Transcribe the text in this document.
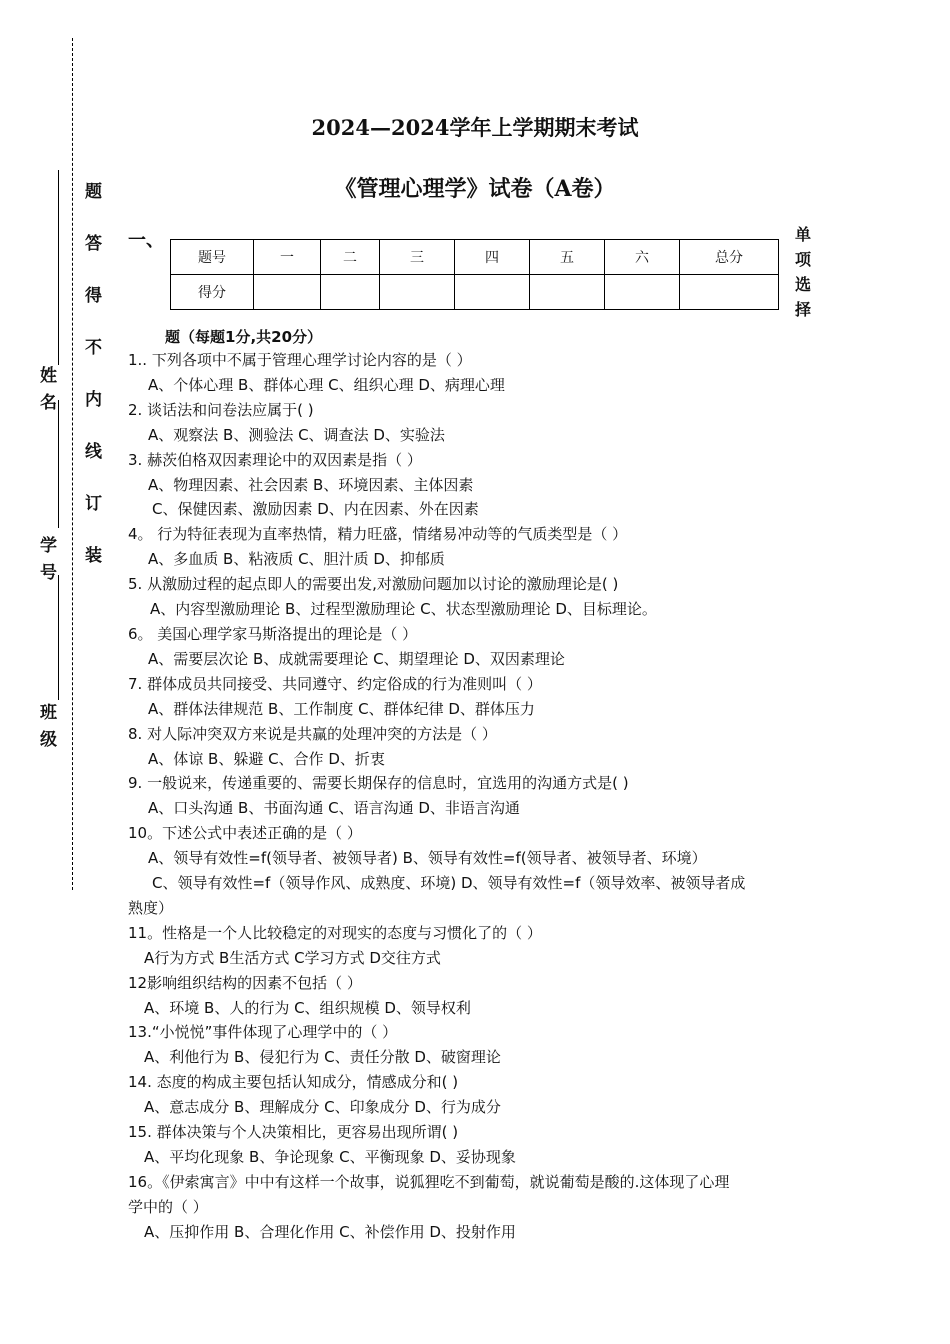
题
答
得
不
内
线
订
装
姓
名
学
号
班
级
2024—2024学年上学期期末考试
《管理心理学》试卷（A卷）
一、
题号	一	二	三	四	五	六	总分
得分							
单
项
选
择
题（每题1分,共20分）
1.. 下列各项中不属于管理心理学讨论内容的是（ ）
A、个体心理 B、群体心理 C、组织心理 D、病理心理
2. 谈话法和问卷法应属于( )
A、观察法 B、测验法 C、调查法 D、实验法
3. 赫茨伯格双因素理论中的双因素是指（ ）
A、物理因素、社会因素 B、环境因素、主体因素
C、保健因素、激励因素 D、内在因素、外在因素
4。 行为特征表现为直率热情，精力旺盛，情绪易冲动等的气质类型是（ ）
A、多血质 B、粘液质 C、胆汁质 D、抑郁质
5. 从激励过程的起点即人的需要出发,对激励问题加以讨论的激励理论是( )
A、内容型激励理论 B、过程型激励理论 C、状态型激励理论 D、目标理论。
6。 美国心理学家马斯洛提出的理论是（ ）
A、需要层次论 B、成就需要理论 C、期望理论 D、双因素理论
7. 群体成员共同接受、共同遵守、约定俗成的行为准则叫（ ）
A、群体法律规范 B、工作制度 C、群体纪律 D、群体压力
8. 对人际冲突双方来说是共赢的处理冲突的方法是（ ）
A、体谅 B、躲避 C、合作 D、折衷
9. 一般说来，传递重要的、需要长期保存的信息时，宜选用的沟通方式是( )
A、口头沟通 B、书面沟通 C、语言沟通 D、非语言沟通
10。下述公式中表述正确的是（ ）
A、领导有效性=f(领导者、被领导者) B、领导有效性=f(领导者、被领导者、环境）
C、领导有效性=f（领导作风、成熟度、环境) D、领导有效性=f（领导效率、被领导者成
熟度）
11。性格是一个人比较稳定的对现实的态度与习惯化了的（ ）
A行为方式 B生活方式 C学习方式 D交往方式
12影响组织结构的因素不包括（ ）
A、环境 B、人的行为 C、组织规模 D、领导权利
13.“小悦悦”事件体现了心理学中的（ ）
A、利他行为 B、侵犯行为 C、责任分散 D、破窗理论
14. 态度的构成主要包括认知成分，情感成分和( )
A、意志成分 B、理解成分 C、印象成分 D、行为成分
15. 群体决策与个人决策相比，更容易出现所谓( )
A、平均化现象 B、争论现象 C、平衡现象 D、妥协现象
16。《伊索寓言》中中有这样一个故事，说狐狸吃不到葡萄，就说葡萄是酸的.这体现了心理
学中的（ ）
A、压抑作用 B、合理化作用 C、补偿作用 D、投射作用
